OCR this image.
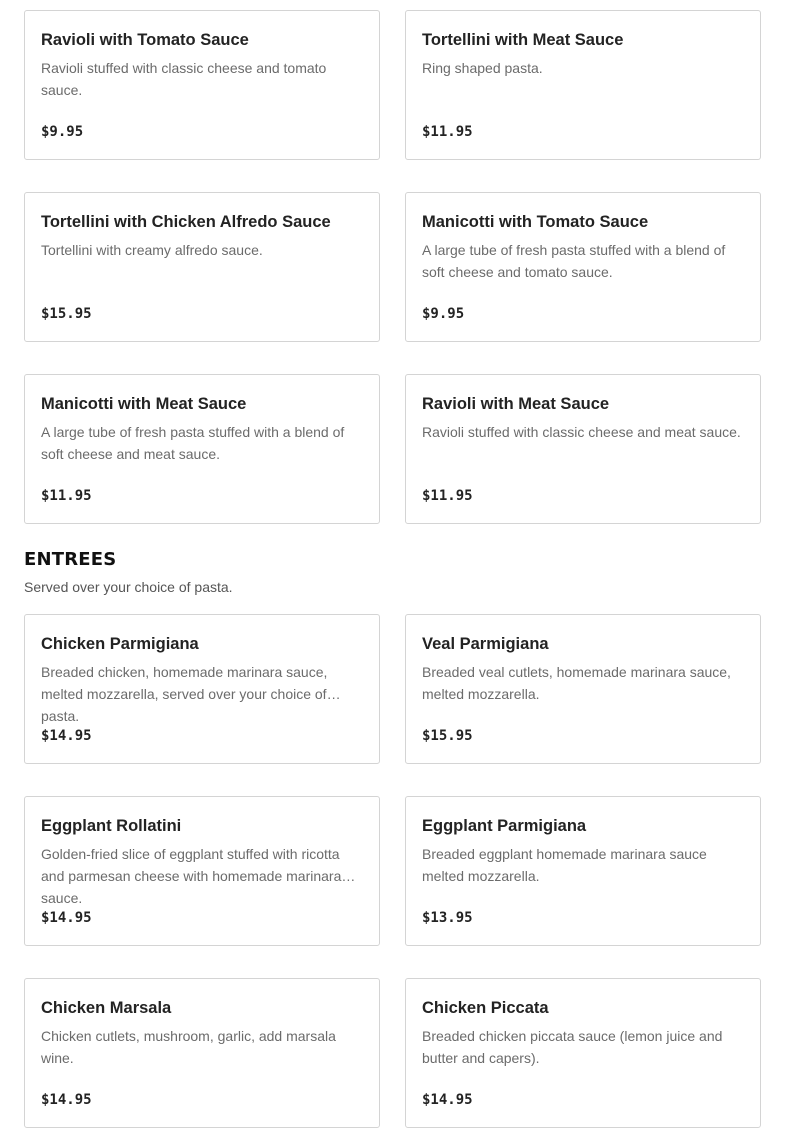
Ravioli with Tomato Sauce
Ravioli stuffed with classic cheese and tomato sauce.
$9.95
Tortellini with Meat Sauce
Ring shaped pasta.
$11.95
Tortellini with Chicken Alfredo Sauce
Tortellini with creamy alfredo sauce.
$15.95
Manicotti with Tomato Sauce
A large tube of fresh pasta stuffed with a blend of soft cheese and tomato sauce.
$9.95
Manicotti with Meat Sauce
A large tube of fresh pasta stuffed with a blend of soft cheese and meat sauce.
$11.95
Ravioli with Meat Sauce
Ravioli stuffed with classic cheese and meat sauce.
$11.95
ENTREES
Served over your choice of pasta.
Chicken Parmigiana
Breaded chicken, homemade marinara sauce, melted mozzarella, served over your choice of pasta.
$14.95
Veal Parmigiana
Breaded veal cutlets, homemade marinara sauce, melted mozzarella.
$15.95
Eggplant Rollatini
Golden-fried slice of eggplant stuffed with ricotta and parmesan cheese with homemade marinara sauce.
$14.95
Eggplant Parmigiana
Breaded eggplant homemade marinara sauce melted mozzarella.
$13.95
Chicken Marsala
Chicken cutlets, mushroom, garlic, add marsala wine.
$14.95
Chicken Piccata
Breaded chicken piccata sauce (lemon juice and butter and capers).
$14.95
